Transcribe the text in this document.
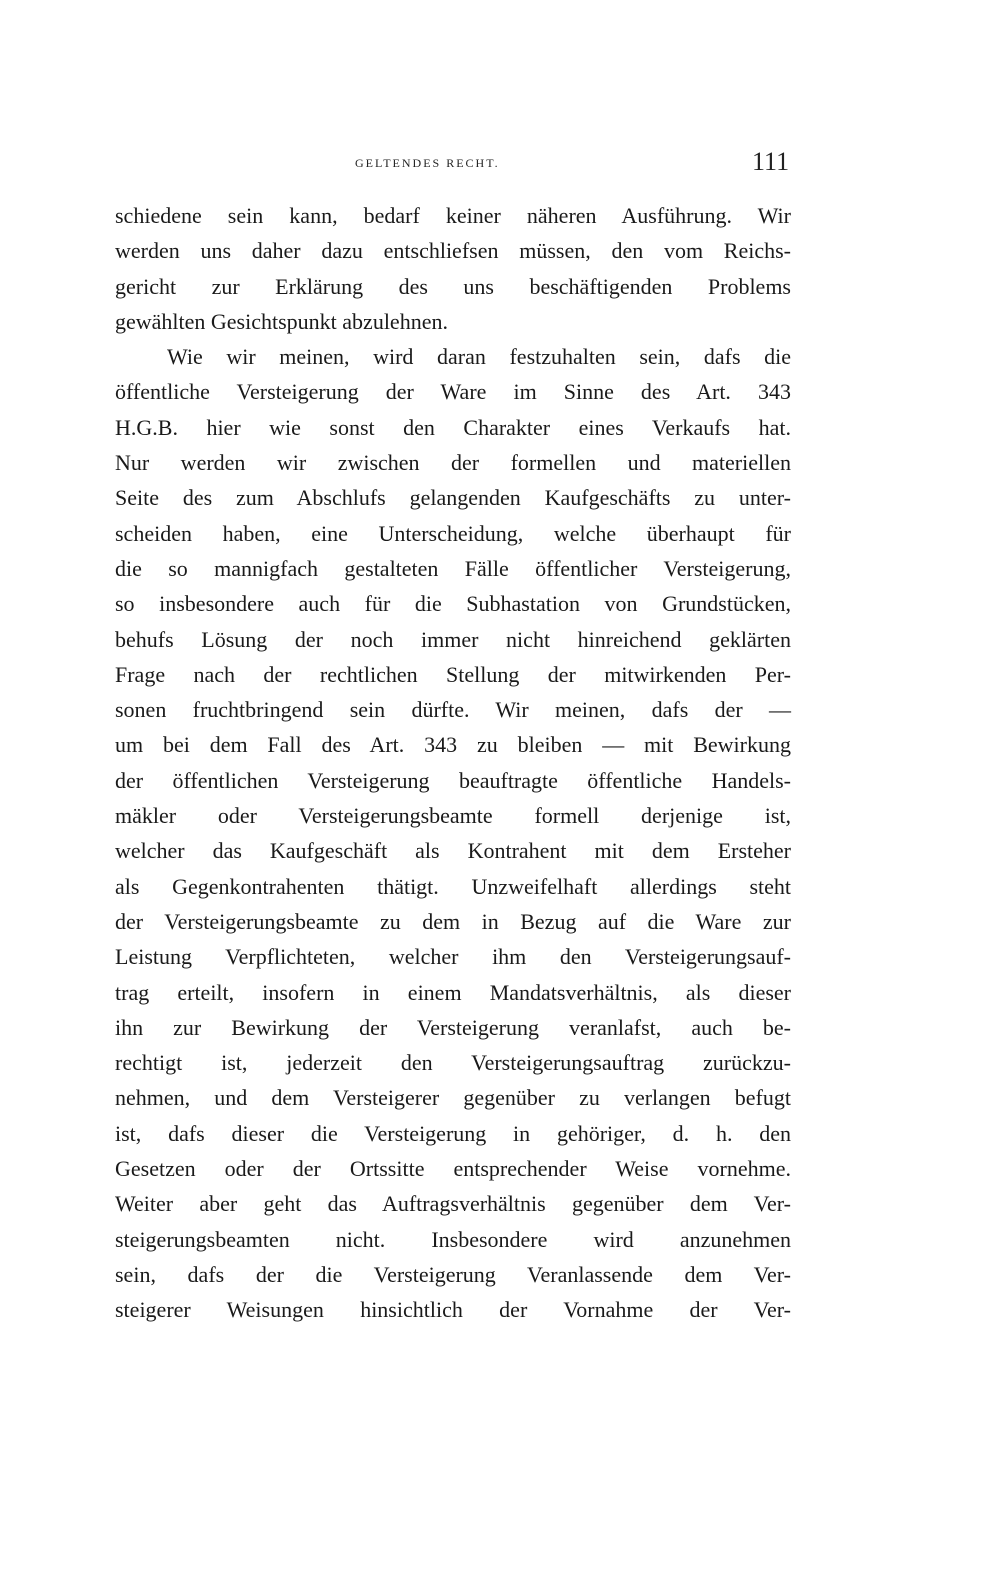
GELTENDES RECHT.	111
schiedene sein kann, bedarf keiner näheren Ausführung. Wir
werden uns daher dazu entschliefsen müssen, den vom Reichs-
gericht zur Erklärung des uns beschäftigenden Problems
gewählten Gesichtspunkt abzulehnen.
Wie wir meinen, wird daran festzuhalten sein, dafs die
öffentliche Versteigerung der Ware im Sinne des Art. 343
H.G.B. hier wie sonst den Charakter eines Verkaufs hat.
Nur werden wir zwischen der formellen und materiellen
Seite des zum Abschlufs gelangenden Kaufgeschäfts zu unter-
scheiden haben, eine Unterscheidung, welche überhaupt für
die so mannigfach gestalteten Fälle öffentlicher Versteigerung,
so insbesondere auch für die Subhastation von Grundstücken,
behufs Lösung der noch immer nicht hinreichend geklärten
Frage nach der rechtlichen Stellung der mitwirkenden Per-
sonen fruchtbringend sein dürfte. Wir meinen, dafs der —
um bei dem Fall des Art. 343 zu bleiben — mit Bewirkung
der öffentlichen Versteigerung beauftragte öffentliche Handels-
mäkler oder Versteigerungsbeamte formell derjenige ist,
welcher das Kaufgeschäft als Kontrahent mit dem Ersteher
als Gegenkontrahenten thätigt. Unzweifelhaft allerdings steht
der Versteigerungsbeamte zu dem in Bezug auf die Ware zur
Leistung Verpflichteten, welcher ihm den Versteigerungsauf-
trag erteilt, insofern in einem Mandatsverhältnis, als dieser
ihn zur Bewirkung der Versteigerung veranlafst, auch be-
rechtigt ist, jederzeit den Versteigerungsauftrag zurückzu-
nehmen, und dem Versteigerer gegenüber zu verlangen befugt
ist, dafs dieser die Versteigerung in gehöriger, d. h. den
Gesetzen oder der Ortssitte entsprechender Weise vornehme.
Weiter aber geht das Auftragsverhältnis gegenüber dem Ver-
steigerungsbeamten nicht. Insbesondere wird anzunehmen
sein, dafs der die Versteigerung Veranlassende dem Ver-
steigerer Weisungen hinsichtlich der Vornahme der Ver-
